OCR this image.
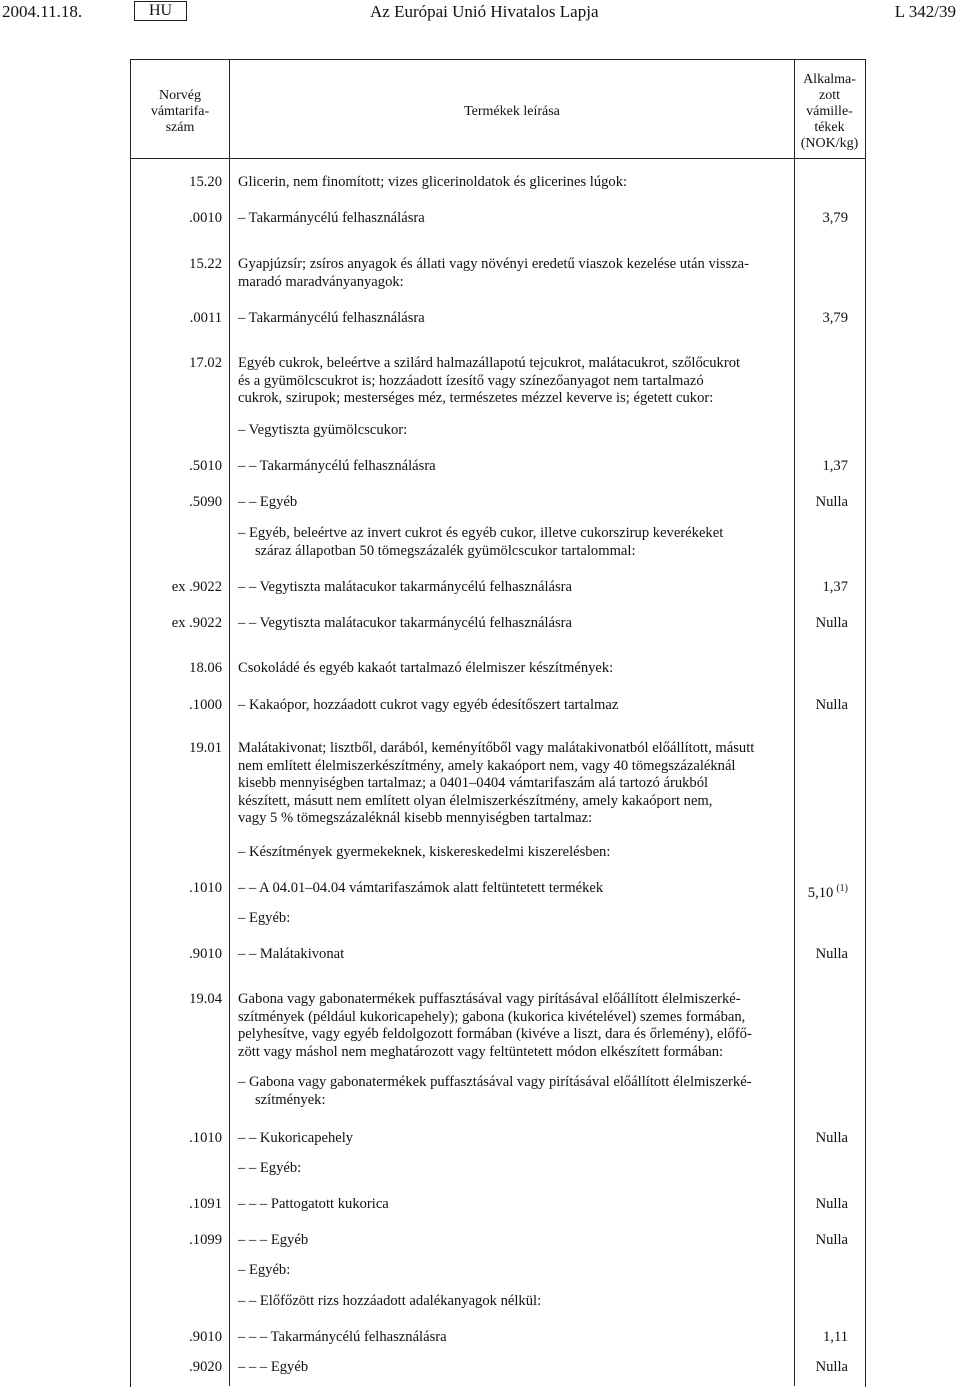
2004.11.18.	HU	Az Európai Unió Hivatalos Lapja	L 342/39
Norvég
vámtarifa-
szám
Termékek leírása
Alkalma-
zott
vámille-
tékek
(NOK/kg)
15.20 Glicerin, nem finomított; vizes glicerinoldatok és glicerines lúgok:
.0010 – Takarmánycélú felhasználásra	3,79
15.22 Gyapjúzsír; zsíros anyagok és állati vagy növényi eredetű viaszok kezelése után vissza-
maradó maradványanyagok:
.0011 – Takarmánycélú felhasználásra	3,79
17.02 Egyéb cukrok, beleértve a szilárd halmazállapotú tejcukrot, malátacukrot, szőlőcukrot
és a gyümölcscukrot is; hozzáadott ízesítő vagy színezőanyagot nem tartalmazó
cukrok, szirupok; mesterséges méz, természetes mézzel keverve is; égetett cukor:
– Vegytiszta gyümölcscukor:
.5010 – – Takarmánycélú felhasználásra	1,37
.5090 – – Egyéb	Nulla
– Egyéb, beleértve az invert cukrot és egyéb cukor, illetve cukorszirup keverékeket
száraz állapotban 50 tömegszázalék gyümölcscukor tartalommal:
ex .9022 – – Vegytiszta malátacukor takarmánycélú felhasználásra	1,37
ex .9022 – – Vegytiszta malátacukor takarmánycélú felhasználásra	Nulla
18.06 Csokoládé és egyéb kakaót tartalmazó élelmiszer készítmények:
.1000 – Kakaópor, hozzáadott cukrot vagy egyéb édesítőszert tartalmaz	Nulla
19.01 Malátakivonat; lisztből, darából, keményítőből vagy malátakivonatból előállított, másutt
nem említett élelmiszerkészítmény, amely kakaóport nem, vagy 40 tömegszázaléknál
kisebb mennyiségben tartalmaz; a 0401–0404 vámtarifaszám alá tartozó árukból
készített, másutt nem említett olyan élelmiszerkészítmény, amely kakaóport nem,
vagy 5 % tömegszázaléknál kisebb mennyiségben tartalmaz:
– Készítmények gyermekeknek, kiskereskedelmi kiszerelésben:
.1010 – – A 04.01–04.04 vámtarifaszámok alatt feltüntetett termékek	5,10 $^{(1)}$
– Egyéb:
.9010 – – Malátakivonat	Nulla
19.04 Gabona vagy gabonatermékek puffasztásával vagy pirításával előállított élelmiszerké-
szítmények (például kukoricapehely); gabona (kukorica kivételével) szemes formában,
pelyhesítve, vagy egyéb feldolgozott formában (kivéve a liszt, dara és őrlemény), előfő-
zött vagy máshol nem meghatározott vagy feltüntetett módon elkészített formában:
– Gabona vagy gabonatermékek puffasztásával vagy pirításával előállított élelmiszerké-
szítmények:
.1010 – – Kukoricapehely	Nulla
– – Egyéb:
.1091 – – – Pattogatott kukorica	Nulla
.1099 – – – Egyéb	Nulla
– Egyéb:
– – Előfőzött rizs hozzáadott adalékanyagok nélkül:
.9010 – – – Takarmánycélú felhasználásra	1,11
.9020 – – – Egyéb	Nulla
